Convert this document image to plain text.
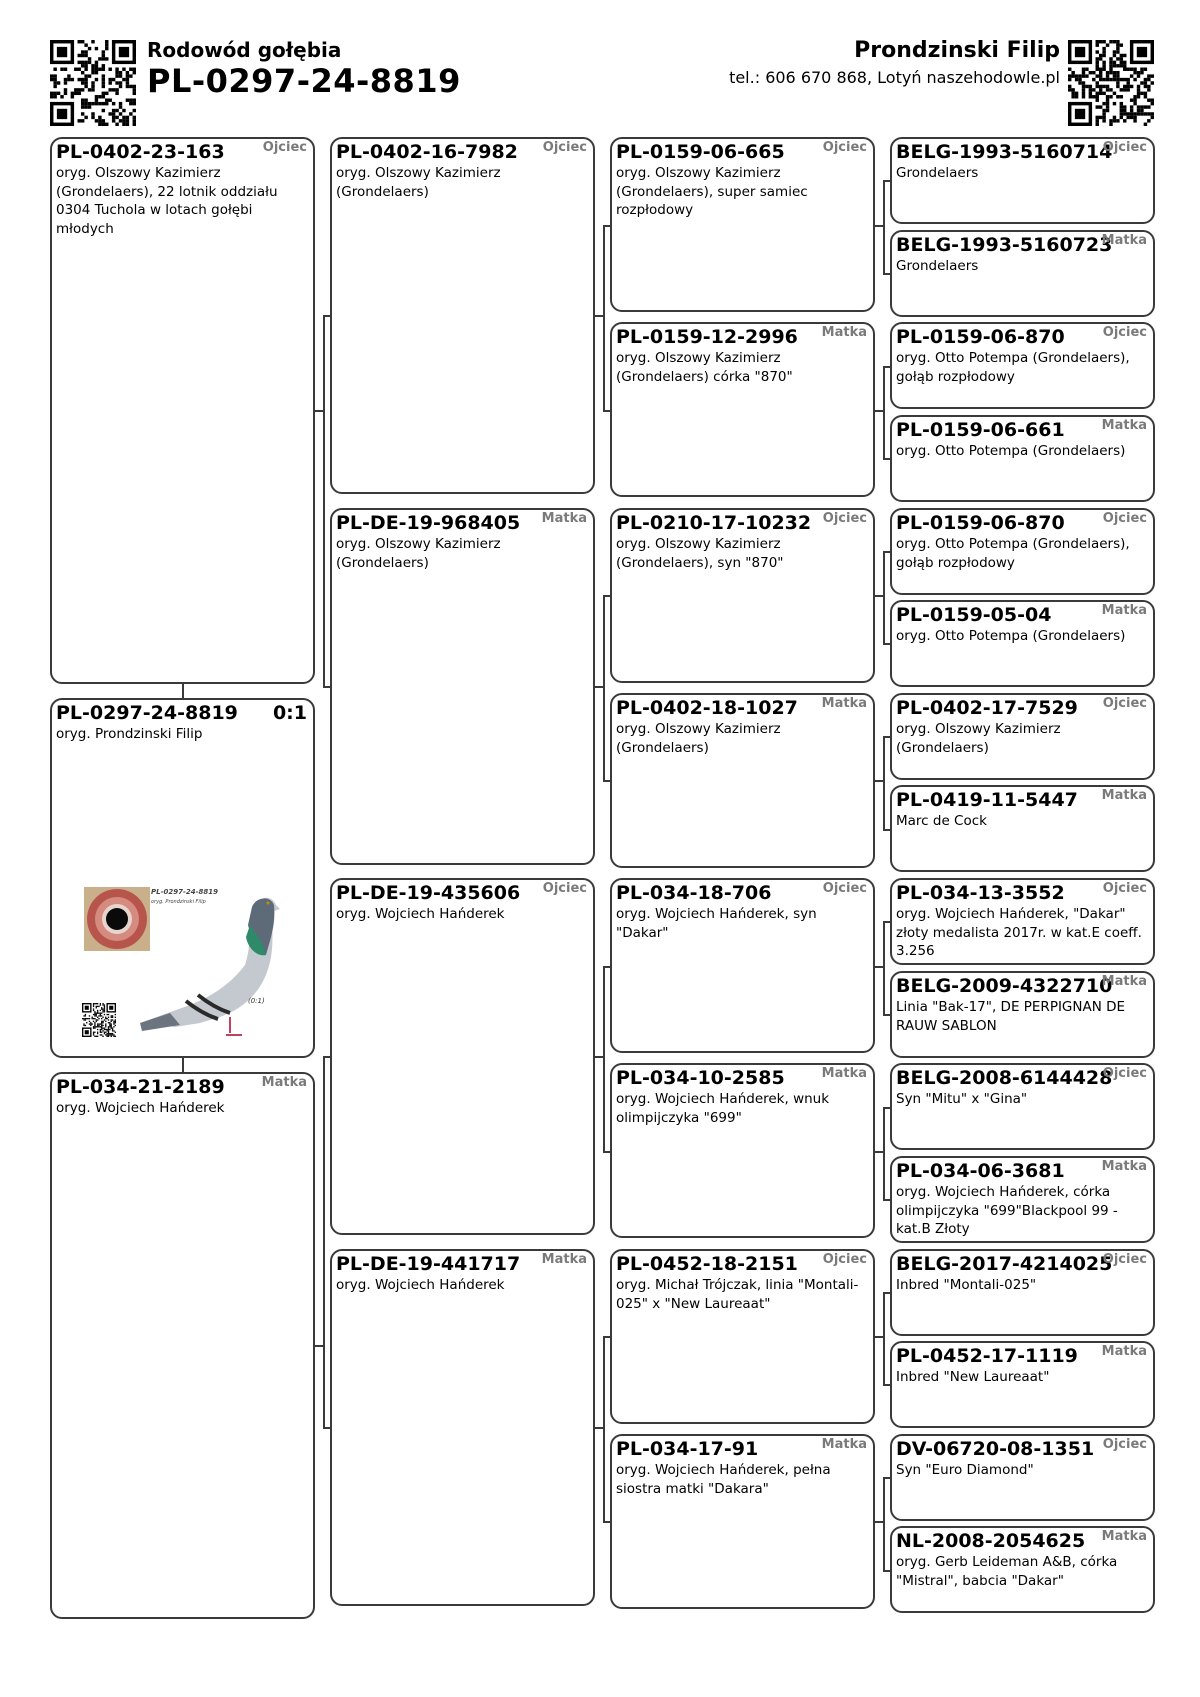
Rodowód gołębia
PL-0297-24-8819
Prondzinski Filip
tel.: 606 670 868, Lotyń naszehodowle.pl
PL-0402-23-163	Ojciec
oryg. Olszowy Kazimierz (Grondelaers), 22 lotnik oddziału 0304 Tuchola w lotach gołębi młodych
PL-0297-24-8819	0:1
oryg. Prondzinski Filip
PL-0297-24-8819
oryg. Prondzinski Filip
(0:1)
PL-034-21-2189	Matka
oryg. Wojciech Hańderek
PL-0402-16-7982	Ojciec
oryg. Olszowy Kazimierz (Grondelaers)
PL-DE-19-968405	Matka
oryg. Olszowy Kazimierz (Grondelaers)
PL-DE-19-435606	Ojciec
oryg. Wojciech Hańderek
PL-DE-19-441717	Matka
oryg. Wojciech Hańderek
PL-0159-06-665	Ojciec
oryg. Olszowy Kazimierz (Grondelaers), super samiec rozpłodowy
PL-0159-12-2996	Matka
oryg. Olszowy Kazimierz (Grondelaers) córka "870"
PL-0210-17-10232 Ojciec
oryg. Olszowy Kazimierz (Grondelaers), syn "870"
PL-0402-18-1027	Matka
oryg. Olszowy Kazimierz (Grondelaers)
PL-034-18-706	Ojciec
oryg. Wojciech Hańderek, syn "Dakar"
PL-034-10-2585	Matka
oryg. Wojciech Hańderek, wnuk olimpijczyka "699"
PL-0452-18-2151	Ojciec
oryg. Michał Trójczak, linia "Montali-025" x "New Laureaat"
PL-034-17-91	Matka
oryg. Wojciech Hańderek, pełna siostra matki "Dakara"
BELG-1993-5160714
Ojciec
Grondelaers
BELG-1993-5160723
Matka
Grondelaers
PL-0159-06-870	Ojciec
oryg. Otto Potempa (Grondelaers), gołąb rozpłodowy
PL-0159-06-661	Matka
oryg. Otto Potempa (Grondelaers)
PL-0159-06-870	Ojciec
oryg. Otto Potempa (Grondelaers), gołąb rozpłodowy
PL-0159-05-04	Matka
oryg. Otto Potempa (Grondelaers)
PL-0402-17-7529	Ojciec
oryg. Olszowy Kazimierz (Grondelaers)
PL-0419-11-5447	Matka
Marc de Cock
PL-034-13-3552	Ojciec
oryg. Wojciech Hańderek, "Dakar" złoty medalista 2017r. w kat.E coeff. 3.256
BELG-2009-4322710
Matka
Linia "Bak-17", DE PERPIGNAN DE RAUW SABLON
BELG-2008-6144428
Ojciec
Syn "Mitu" x "Gina"
PL-034-06-3681	Matka
oryg. Wojciech Hańderek, córka olimpijczyka "699"Blackpool 99 - kat.B Złoty
BELG-2017-4214025
Ojciec
Inbred "Montali-025"
PL-0452-17-1119	Matka
Inbred "New Laureaat"
DV-06720-08-1351 Ojciec
Syn "Euro Diamond"
NL-2008-2054625	Matka
oryg. Gerb Leideman A&B, córka "Mistral", babcia "Dakar"
